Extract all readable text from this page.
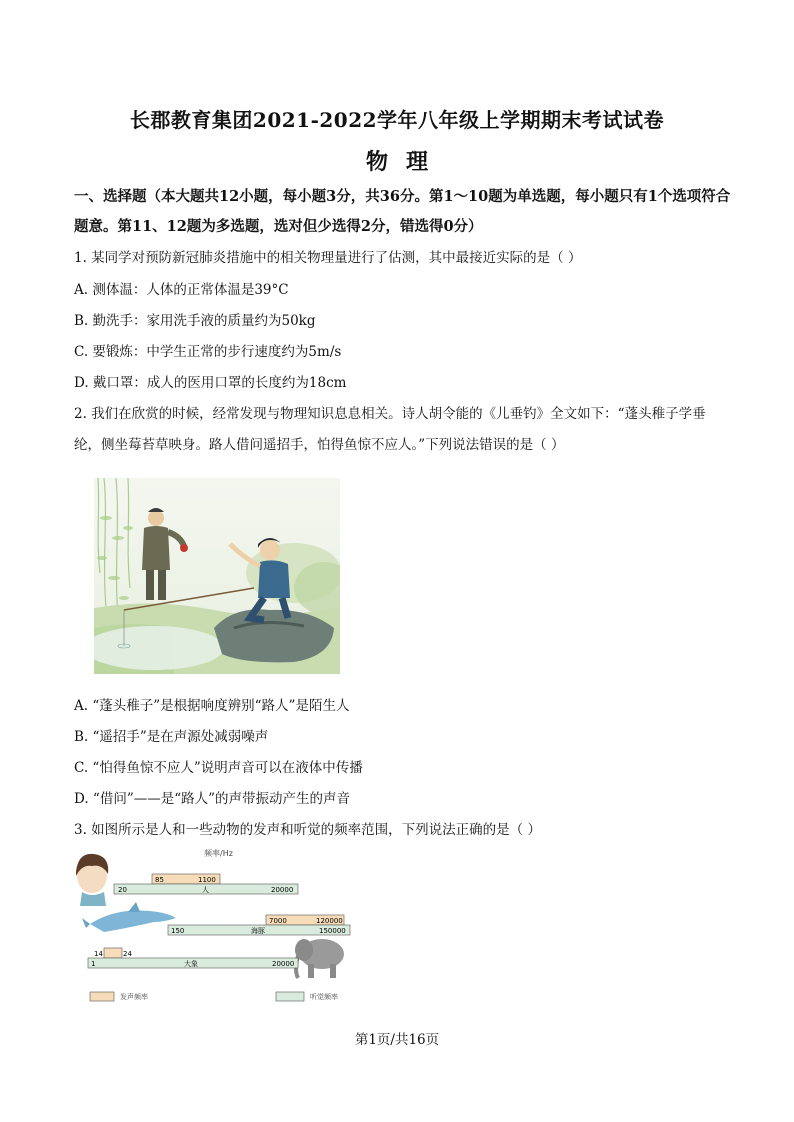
长郡教育集团2021-2022学年八年级上学期期末考试试卷
物理
一、选择题（本大题共12小题，每小题3分，共36分。第1～10题为单选题，每小题只有1个选项符合题意。第11、12题为多选题，选对但少选得2分，错选得0分）
1. 某同学对预防新冠肺炎措施中的相关物理量进行了估测，其中最接近实际的是（ ）
A. 测体温：人体的正常体温是39°C
B. 勤洗手：家用洗手液的质量约为50kg
C. 要锻炼：中学生正常的步行速度约为5m/s
D. 戴口罩：成人的医用口罩的长度约为18cm
2. 我们在欣赏的时候，经常发现与物理知识息息相关。诗人胡令能的《儿垂钓》全文如下：“蓬头稚子学垂纶，侧坐莓苔草映身。路人借问遥招手，怕得鱼惊不应人。”下列说法错误的是（ ）
A. “蓬头稚子”是根据响度辨别“路人”是陌生人
B. “遥招手”是在声源处减弱噪声
C. “怕得鱼惊不应人”说明声音可以在液体中传播
D. “借问”——是“路人”的声带振动产生的声音
3. 如图所示是人和一些动物的发声和听觉的频率范围，下列说法正确的是（ ）
频率/Hz
85	1100
20	人	20000
7000	120000
150	海豚	150000
14	24
1	大象	20000
发声频率	听觉频率
第1页/共16页
